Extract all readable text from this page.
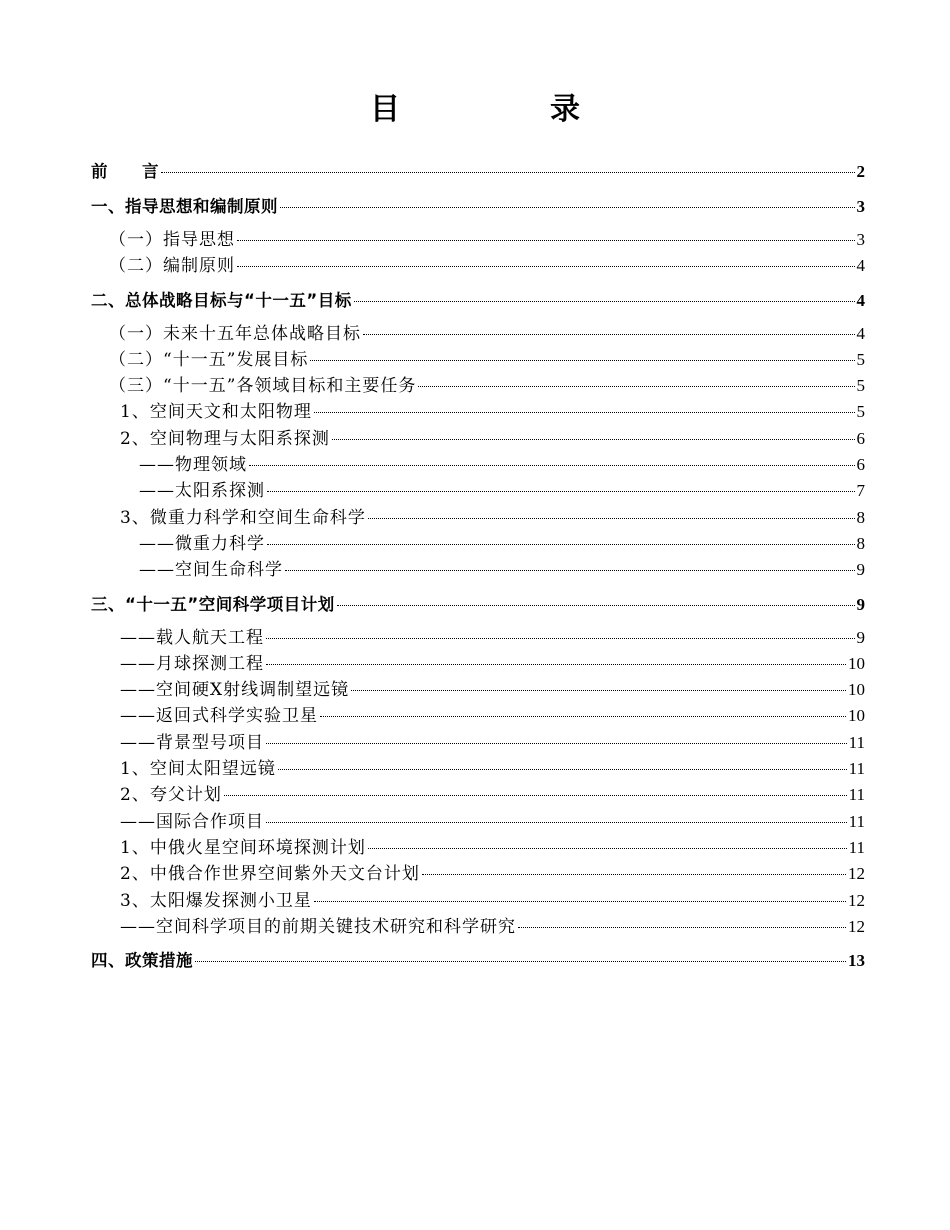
目　　　　　录
前　　言	2
一、指导思想和编制原则	3
（一）指导思想	3
（二）编制原则	4
二、总体战略目标与“十一五”目标	4
（一）未来十五年总体战略目标	4
（二）“十一五”发展目标	5
（三）“十一五”各领域目标和主要任务	5
1、空间天文和太阳物理	5
2、空间物理与太阳系探测	6
——物理领域	6
——太阳系探测	7
3、微重力科学和空间生命科学	8
——微重力科学	8
——空间生命科学	9
三、“十一五”空间科学项目计划	9
——载人航天工程	9
——月球探测工程	10
——空间硬X射线调制望远镜	10
——返回式科学实验卫星	10
——背景型号项目	11
1、空间太阳望远镜	11
2、夸父计划	11
——国际合作项目	11
1、中俄火星空间环境探测计划	11
2、中俄合作世界空间紫外天文台计划	12
3、太阳爆发探测小卫星	12
——空间科学项目的前期关键技术研究和科学研究	12
四、政策措施	13
